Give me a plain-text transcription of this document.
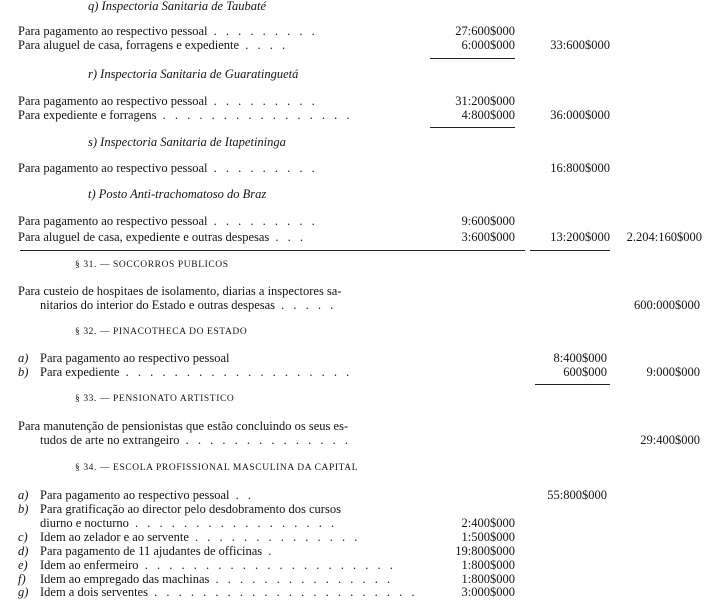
q) Inspectoria Sanitaria de Taubaté
Para pagamento ao respectivo pessoal . . . . . . . . .	27:600$000
Para aluguel de casa, forragens e expediente . . . .	6:000$000	33:600$000
r) Inspectoria Sanitaria de Guaratinguetá
Para pagamento ao respectivo pessoal . . . . . . . . .	31:200$000
Para expediente e forragens . . . . . . . . . . . . . . . .	4:800$000	36:000$000
s) Inspectoria Sanitaria de Itapetininga
Para pagamento ao respectivo pessoal . . . . . . . . .	16:800$000
t) Posto Anti-trachomatoso do Braz
Para pagamento ao respectivo pessoal . . . . . . . . .	9:600$000
Para aluguel de casa, expediente e outras despesas . . .	3:600$000	13:200$000	2.204:160$000
§ 31. — SOCCORROS PUBLICOS
Para custeio de hospitaes de isolamento, diarias a inspectores sa-
nitarios do interior do Estado e outras despesas . . . . .	600:000$000
§ 32. — PINACOTHECA DO ESTADO
a) Para pagamento ao respectivo pessoal	8:400$000
b) Para expediente . . . . . . . . . . . . . . . . . . .	600$000	9:000$000
§ 33. — PENSIONATO ARTISTICO
Para manutenção de pensionistas que estão concluindo os seus es-
tudos de arte no extrangeiro . . . . . . . . . . . . . .	29:400$000
§ 34. — ESCOLA PROFISSIONAL MASCULINA DA CAPITAL
a) Para pagamento ao respectivo pessoal . .	55:800$000
b) Para gratificação ao director pelo desdobramento dos cursos
diurno e nocturno . . . . . . . . . . . . . . . . .	2:400$000
c) Idem ao zelador e ao servente . . . . . . . . . . . . . .	1:500$000
d) Para pagamento de 11 ajudantes de officinas .	19:800$000
e) Idem ao enfermeiro . . . . . . . . . . . . . . . . . . . . .	1:800$000
f) Idem ao empregado das machinas . . . . . . . . . . . . . . .	1:800$000
g) Idem a dois serventes . . . . . . . . . . . . . . . . . . . . . .	3:000$000
